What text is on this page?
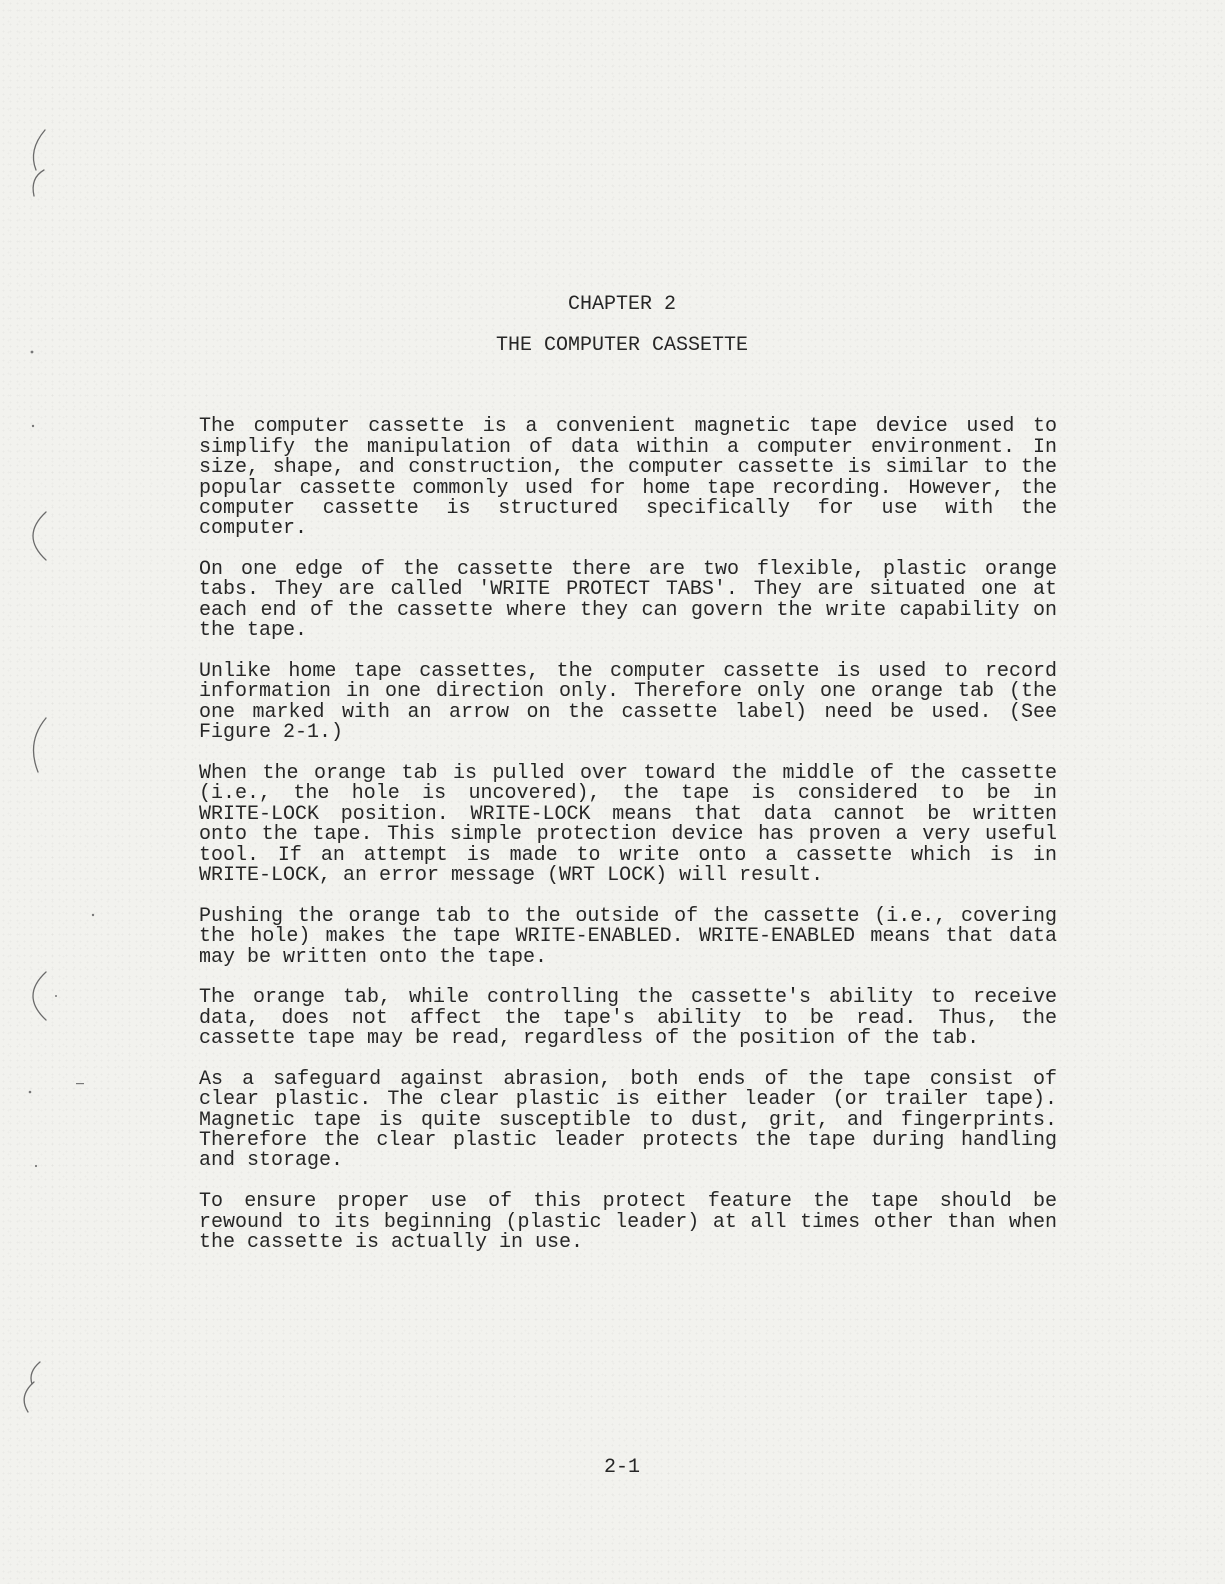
CHAPTER 2
THE COMPUTER CASSETTE
The computer cassette is a convenient magnetic tape device used to
simplify the manipulation of data within a computer environment. In
size, shape, and construction, the computer cassette is similar to the
popular cassette commonly used for home tape recording. However, the
computer cassette is structured specifically for use with the
computer.
On one edge of the cassette there are two flexible, plastic orange
tabs. They are called 'WRITE PROTECT TABS'. They are situated one at
each end of the cassette where they can govern the write capability on
the tape.
Unlike home tape cassettes, the computer cassette is used to record
information in one direction only. Therefore only one orange tab (the
one marked with an arrow on the cassette label) need be used. (See
Figure 2-1.)
When the orange tab is pulled over toward the middle of the cassette
(i.e., the hole is uncovered), the tape is considered to be in
WRITE-LOCK position. WRITE-LOCK means that data cannot be written
onto the tape. This simple protection device has proven a very useful
tool. If an attempt is made to write onto a cassette which is in
WRITE-LOCK, an error message (WRT LOCK) will result.
Pushing the orange tab to the outside of the cassette (i.e., covering
the hole) makes the tape WRITE-ENABLED. WRITE-ENABLED means that data
may be written onto the tape.
The orange tab, while controlling the cassette's ability to receive
data, does not affect the tape's ability to be read. Thus, the
cassette tape may be read, regardless of the position of the tab.
As a safeguard against abrasion, both ends of the tape consist of
clear plastic. The clear plastic is either leader (or trailer tape).
Magnetic tape is quite susceptible to dust, grit, and fingerprints.
Therefore the clear plastic leader protects the tape during handling
and storage.
To ensure proper use of this protect feature the tape should be
rewound to its beginning (plastic leader) at all times other than when
the cassette is actually in use.
2-1
